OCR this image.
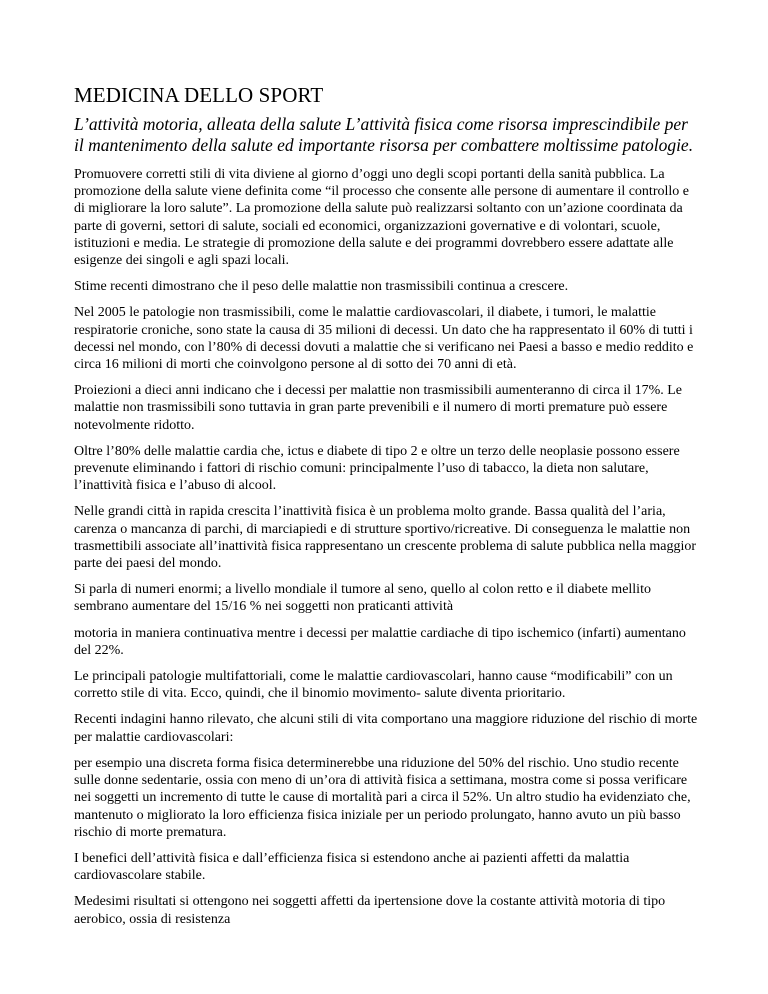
MEDICINA DELLO SPORT

L’attività motoria, alleata della salute L’attività fisica come risorsa imprescindibile per il mantenimento della salute ed importante risorsa per combattere moltissime patologie.

Promuovere corretti stili di vita diviene al giorno d’oggi uno degli scopi portanti della sanità pubblica. La promozione della salute viene definita come “il processo che consente alle persone di aumentare il controllo e di migliorare la loro salute”. La promozione della salute può realizzarsi soltanto con un’azione coordinata da parte di governi, settori di salute, sociali ed economici, organizzazioni governative e di volontari, scuole, istituzioni e media. Le strategie di promozione della salute e dei programmi dovrebbero essere adattate alle esigenze dei singoli e agli spazi locali.

Stime recenti dimostrano che il peso delle malattie non trasmissibili continua a crescere.

Nel 2005 le patologie non trasmissibili, come le malattie cardiovascolari, il diabete, i tumori, le malattie respiratorie croniche, sono state la causa di 35 milioni di decessi. Un dato che ha rappresentato il 60% di tutti i decessi nel mondo, con l’80% di decessi dovuti a malattie che si verificano nei Paesi a basso e medio reddito e circa 16 milioni di morti che coinvolgono persone al di sotto dei 70 anni di età.

Proiezioni a dieci anni indicano che i decessi per malattie non trasmissibili aumenteranno di circa il 17%. Le malattie non trasmissibili sono tuttavia in gran parte prevenibili e il numero di morti premature può essere notevolmente ridotto.

Oltre l’80% delle malattie cardia che, ictus e diabete di tipo 2 e oltre un terzo delle neoplasie possono essere prevenute eliminando i fattori di rischio comuni: principalmente l’uso di tabacco, la dieta non salutare, l’inattività fisica e l’abuso di alcool.

Nelle grandi città in rapida crescita l’inattività fisica è un problema molto grande. Bassa qualità del l’aria, carenza o mancanza di parchi, di marciapiedi e di strutture sportivo/ricreative. Di conseguenza le malattie non trasmettibili associate all’inattività fisica rappresentano un crescente problema di salute pubblica nella maggior parte dei paesi del mondo.

Si parla di numeri enormi; a livello mondiale il tumore al seno, quello al colon retto e il diabete mellito sembrano aumentare del 15/16 % nei soggetti non praticanti attività

motoria in maniera continuativa mentre i decessi per malattie cardiache di tipo ischemico (infarti) aumentano del 22%.

Le principali patologie multifattoriali, come le malattie cardiovascolari, hanno cause “modificabili” con un corretto stile di vita. Ecco, quindi, che il binomio movimento- salute diventa prioritario.

Recenti indagini hanno rilevato, che alcuni stili di vita comportano una maggiore riduzione del rischio di morte per malattie cardiovascolari:

per esempio una discreta forma fisica determinerebbe una riduzione del 50% del rischio. Uno studio recente sulle donne sedentarie, ossia con meno di un’ora di attività fisica a settimana, mostra come si possa verificare nei soggetti un incremento di tutte le cause di mortalità pari a circa il 52%. Un altro studio ha evidenziato che, mantenuto o migliorato la loro efficienza fisica iniziale per un periodo prolungato, hanno avuto un più basso rischio di morte prematura.

I benefici dell’attività fisica e dall’efficienza fisica si estendono anche ai pazienti affetti da malattia cardiovascolare stabile.

Medesimi risultati si ottengono nei soggetti affetti da ipertensione dove la costante attività motoria di tipo aerobico, ossia di resistenza
